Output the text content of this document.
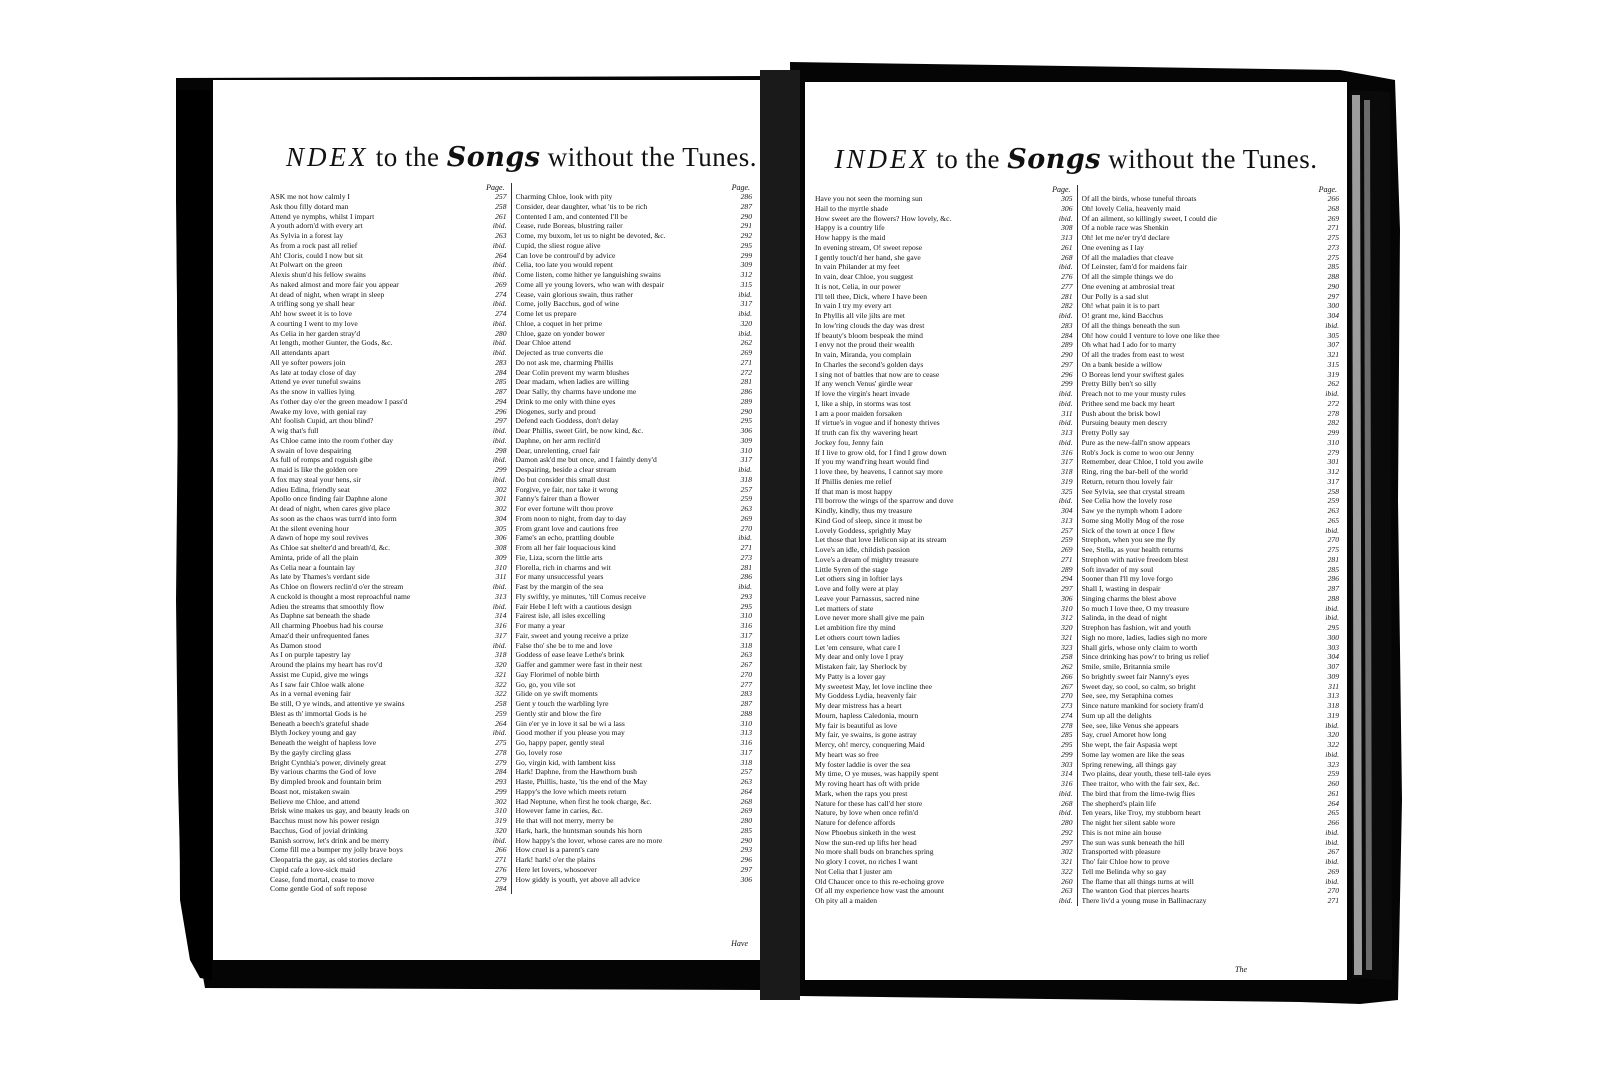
NDEX to the Songs without the Tunes.
Page.
ASK me not how calmly I	257
Ask thou filly dotard man	258
Attend ye nymphs, whilst I impart	261
A youth adorn'd with every art	ibid.
As Sylvia in a forest lay	263
As from a rock past all relief	ibid.
Ah! Cloris, could I now but sit	264
At Polwart on the green	ibid.
Alexis shun'd his fellow swains	ibid.
As naked almost and more fair you appear	269
At dead of night, when wrapt in sleep	274
A trifling song ye shall hear	ibid.
Ah! how sweet it is to love	274
A courting I went to my love	ibid.
As Celia in her garden stray'd	280
At length, mother Gunter, the Gods, &c.	ibid.
All attendants apart	ibid.
All ye softer powers join	283
As late at today close of day	284
Attend ye ever tuneful swains	285
As the snow in vallies lying	287
As t'other day o'er the green meadow I pass'd	294
Awake my love, with genial ray	296
Ah! foolish Cupid, art thou blind?	297
A wig that's full	ibid.
As Chloe came into the room t'other day	ibid.
A swain of love despairing	298
As full of romps and roguish gibe	ibid.
A maid is like the golden ore	299
A fox may steal your hens, sir	ibid.
Adieu Edina, friendly seat	302
Apollo once finding fair Daphne alone	301
At dead of night, when cares give place	302
As soon as the chaos was turn'd into form	304
At the silent evening hour	305
A dawn of hope my soul revives	306
As Chloe sat shelter'd and breath'd, &c.	308
Aminta, pride of all the plain	309
As Celia near a fountain lay	310
As late by Thames's verdant side	311
As Chloe on flowers reclin'd o'er the stream	ibid.
A cuckold is thought a most reproachful name	313
Adieu the streams that smoothly flow	ibid.
As Daphne sat beneath the shade	314
All charming Phoebus had his course	316
Amaz'd their unfrequented fanes	317
As Damon stood	ibid.
As I on purple tapestry lay	318
Around the plains my heart has rov'd	320
Assist me Cupid, give me wings	321
As I saw fair Chloe walk alone	322
As in a vernal evening fair	322
Be still, O ye winds, and attentive ye swains	258
Blest as th' immortal Gods is he	259
Beneath a beech's grateful shade	264
Blyth Jockey young and gay	ibid.
Beneath the weight of hapless love	275
By the gayly circling glass	278
Bright Cynthia's power, divinely great	279
By various charms the God of love	284
By dimpled brook and fountain brim	293
Boast not, mistaken swain	299
Believe me Chloe, and attend	302
Brisk wine makes us gay, and beauty leads on	310
Bacchus must now his power resign	319
Bacchus, God of jovial drinking	320
Banish sorrow, let's drink and be merry	ibid.
Come fill me a bumper my jolly brave boys	266
Cleopatria the gay, as old stories declare	271
Cupid cafe a love-sick maid	276
Cease, fond mortal, cease to move	279
Come gentle God of soft repose	284
Page.
Charming Chloe, look with pity	286
Consider, dear daughter, what 'tis to be rich	287
Contented I am, and contented I'll be	290
Cease, rude Boreas, blustring railer	291
Come, my buxom, let us to night be devoted, &c.	292
Cupid, the sliest rogue alive	295
Can love be controul'd by advice	299
Celia, too late you would repent	309
Come listen, come hither ye languishing swains	312
Come all ye young lovers, who wan with despair	315
Cease, vain glorious swain, thus rather	ibid.
Come, jolly Bacchus, god of wine	317
Come let us prepare	ibid.
Chloe, a coquet in her prime	320
Chloe, gaze on yonder bower	ibid.
Dear Chloe attend	262
Dejected as true converts die	269
Do not ask me, charming Phillis	271
Dear Colin prevent my warm blushes	272
Dear madam, when ladies are willing	281
Dear Sally, thy charms have undone me	286
Drink to me only with thine eyes	289
Diogenes, surly and proud	290
Defend each Goddess, don't delay	295
Dear Phillis, sweet Girl, be now kind, &c.	306
Daphne, on her arm reclin'd	309
Dear, unrelenting, cruel fair	310
Damon ask'd me but once, and I faintly deny'd	317
Despairing, beside a clear stream	ibid.
Do but consider this small dust	318
Forgive, ye fair, nor take it wrong	257
Fanny's fairer than a flower	259
For ever fortune wilt thou prove	263
From noon to night, from day to day	269
From grant love and cautions free	270
Fame's an echo, prattling double	ibid.
From all her fair loquacious kind	271
Fie, Liza, scorn the little arts	273
Florella, rich in charms and wit	281
For many unsuccessful years	286
Fast by the margin of the sea	ibid.
Fly swiftly, ye minutes, 'till Comus receive	293
Fair Hebe I left with a cautious design	295
Fairest isle, all isles excelling	310
For many a year	316
Fair, sweet and young receive a prize	317
False tho' she be to me and love	318
Goddess of ease leave Lethe's brink	263
Gaffer and gammer were fast in their nest	267
Gay Florimel of noble birth	270
Go, go, you vile sot	277
Glide on ye swift moments	283
Gent y touch the warbling lyre	287
Gently stir and blow the fire	288
Gin e'er ye in love it sal be wi a lass	310
Good mother if you please you may	313
Go, happy paper, gently steal	316
Go, lovely rose	317
Go, virgin kid, with lambent kiss	318
Hark! Daphne, from the Hawthorn bush	257
Haste, Phillis, haste, 'tis the end of the May	263
Happy's the love which meets return	264
Had Neptune, when first he took charge, &c.	268
However fame in caries, &c.	269
He that will not merry, merry be	280
Hark, hark, the huntsman sounds his horn	285
How happy's the lover, whose cares are no more	290
How cruel is a parent's care	293
Hark! hark! o'er the plains	296
Here let lovers, whosoever	297
How giddy is youth, yet above all advice	306
Have
INDEX to the Songs without the Tunes.
Page.
Have you not seen the morning sun	305
Hail to the myrtle shade	306
How sweet are the flowers? How lovely, &c.	ibid.
Happy is a country life	308
How happy is the maid	313
In evening stream, O! sweet repose	261
I gently touch'd her hand, she gave	268
In vain Philander at my feet	ibid.
In vain, dear Chloe, you suggest	276
It is not, Celia, in our power	277
I'll tell thee, Dick, where I have been	281
In vain I try my every art	282
In Phyllis all vile jilts are met	ibid.
In low'ring clouds the day was drest	283
If beauty's bloom bespeak the mind	284
I envy not the proud their wealth	289
In vain, Miranda, you complain	290
In Charles the second's golden days	297
I sing not of battles that now are to cease	296
If any wench Venus' girdle wear	299
If love the virgin's heart invade	ibid.
I, like a ship, in storms was tost	ibid.
I am a poor maiden forsaken	311
If virtue's in vogue and if honesty thrives	ibid.
If truth can fix thy wavering heart	313
Jockey fou, Jenny fain	ibid.
If I live to grow old, for I find I grow down	316
If you my wand'ring heart would find	317
I love thee, by heavens, I cannot say more	318
If Phillis denies me relief	319
If that man is most happy	325
I'll borrow the wings of the sparrow and dove	ibid.
Kindly, kindly, thus my treasure	304
Kind God of sleep, since it must be	313
Lovely Goddess, sprightly May	257
Let those that love Helicon sip at its stream	259
Love's an idle, childish passion	269
Love's a dream of mighty treasure	271
Little Syren of the stage	289
Let others sing in loftier lays	294
Love and folly were at play	297
Leave your Parnassus, sacred nine	306
Let matters of state	310
Love never more shall give me pain	312
Let ambition fire thy mind	320
Let others court town ladies	321
Let 'em censure, what care I	323
My dear and only love I pray	258
Mistaken fair, lay Sherlock by	262
My Patty is a lover gay	266
My sweetest May, let love incline thee	267
My Goddess Lydia, heavenly fair	270
My dear mistress has a heart	273
Mourn, hapless Caledonia, mourn	274
My fair is beautiful as love	278
My fair, ye swains, is gone astray	285
Mercy, oh! mercy, conquering Maid	295
My heart was so free	299
My foster laddie is over the sea	303
My time, O ye muses, was happily spent	314
My roving heart has oft with pride	316
Mark, when the raps you prest	ibid.
Nature for these has call'd her store	268
Nature, by love when once refin'd	ibid.
Nature for defence affords	280
Now Phoebus sinketh in the west	292
Now the sun-red up lifts her head	297
No more shall buds on branches spring	302
No glory I covet, no riches I want	321
Not Celia that I juster am	322
Old Chaucer once to this re-echoing grove	260
Of all my experience how vast the amount	263
Oh pity all a maiden	ibid.
Page.
Of all the birds, whose tuneful throats	266
Oh! lovely Celia, heavenly maid	268
Of an ailment, so killingly sweet, I could die	269
Of a noble race was Shenkin	271
Oh! let me ne'er try'd declare	275
One evening as I lay	273
Of all the maladies that cleave	275
Of Leinster, fam'd for maidens fair	285
Of all the simple things we do	288
One evening at ambrosial treat	290
Our Polly is a sad slut	297
Oh! what pain it is to part	300
O! grant me, kind Bacchus	304
Of all the things beneath the sun	ibid.
Oh! how could I venture to love one like thee	305
Oh what had I ado for to marry	307
Of all the trades from east to west	321
On a bank beside a willow	315
O Boreas lend your swiftest gales	319
Pretty Billy ben't so silly	262
Preach not to me your musty rules	ibid.
Prithee send me back my heart	272
Push about the brisk bowl	278
Pursuing beauty men descry	282
Pretty Polly say	299
Pure as the new-fall'n snow appears	310
Rob's Jock is come to woo our Jenny	279
Remember, dear Chloe, I told you awile	301
Ring, ring the bar-bell of the world	312
Return, return thou lovely fair	317
See Sylvia, see that crystal stream	258
See Celia how the lovely rose	259
Saw ye the nymph whom I adore	263
Some sing Molly Mog of the rose	265
Sick of the town at once I flew	ibid.
Strephon, when you see me fly	270
See, Stella, as your health returns	275
Strephon with native freedom blest	281
Soft invader of my soul	285
Sooner than I'll my love forgo	286
Shall I, wasting in despair	287
Singing charms the blest above	288
So much I love thee, O my treasure	ibid.
Salinda, in the dead of night	ibid.
Strephon has fashion, wit and youth	295
Sigh no more, ladies, ladies sigh no more	300
Shall girls, whose only claim to worth	303
Since drinking has pow'r to bring us relief	304
Smile, smile, Britannia smile	307
So brightly sweet fair Nanny's eyes	309
Sweet day, so cool, so calm, so bright	311
See, see, my Seraphina comes	313
Since nature mankind for society fram'd	318
Sum up all the delights	319
See, see, like Venus she appears	ibid.
Say, cruel Amoret how long	320
She wept, the fair Aspasia wept	322
Some lay women are like the seas	ibid.
Spring renewing, all things gay	323
Two plains, dear youth, these tell-tale eyes	259
Thee traitor, who with the fair sex, &c.	260
The bird that from the lime-twig flies	261
The shepherd's plain life	264
Ten years, like Troy, my stubborn heart	265
The night her silent sable wore	266
This is not mine ain house	ibid.
The sun was sunk beneath the hill	ibid.
Transported with pleasure	267
Tho' fair Chloe how to prove	ibid.
Tell me Belinda why so gay	269
The flame that all things turns at will	ibid.
The wanton God that pierces hearts	270
There liv'd a young muse in Ballinacrazy	271
The
